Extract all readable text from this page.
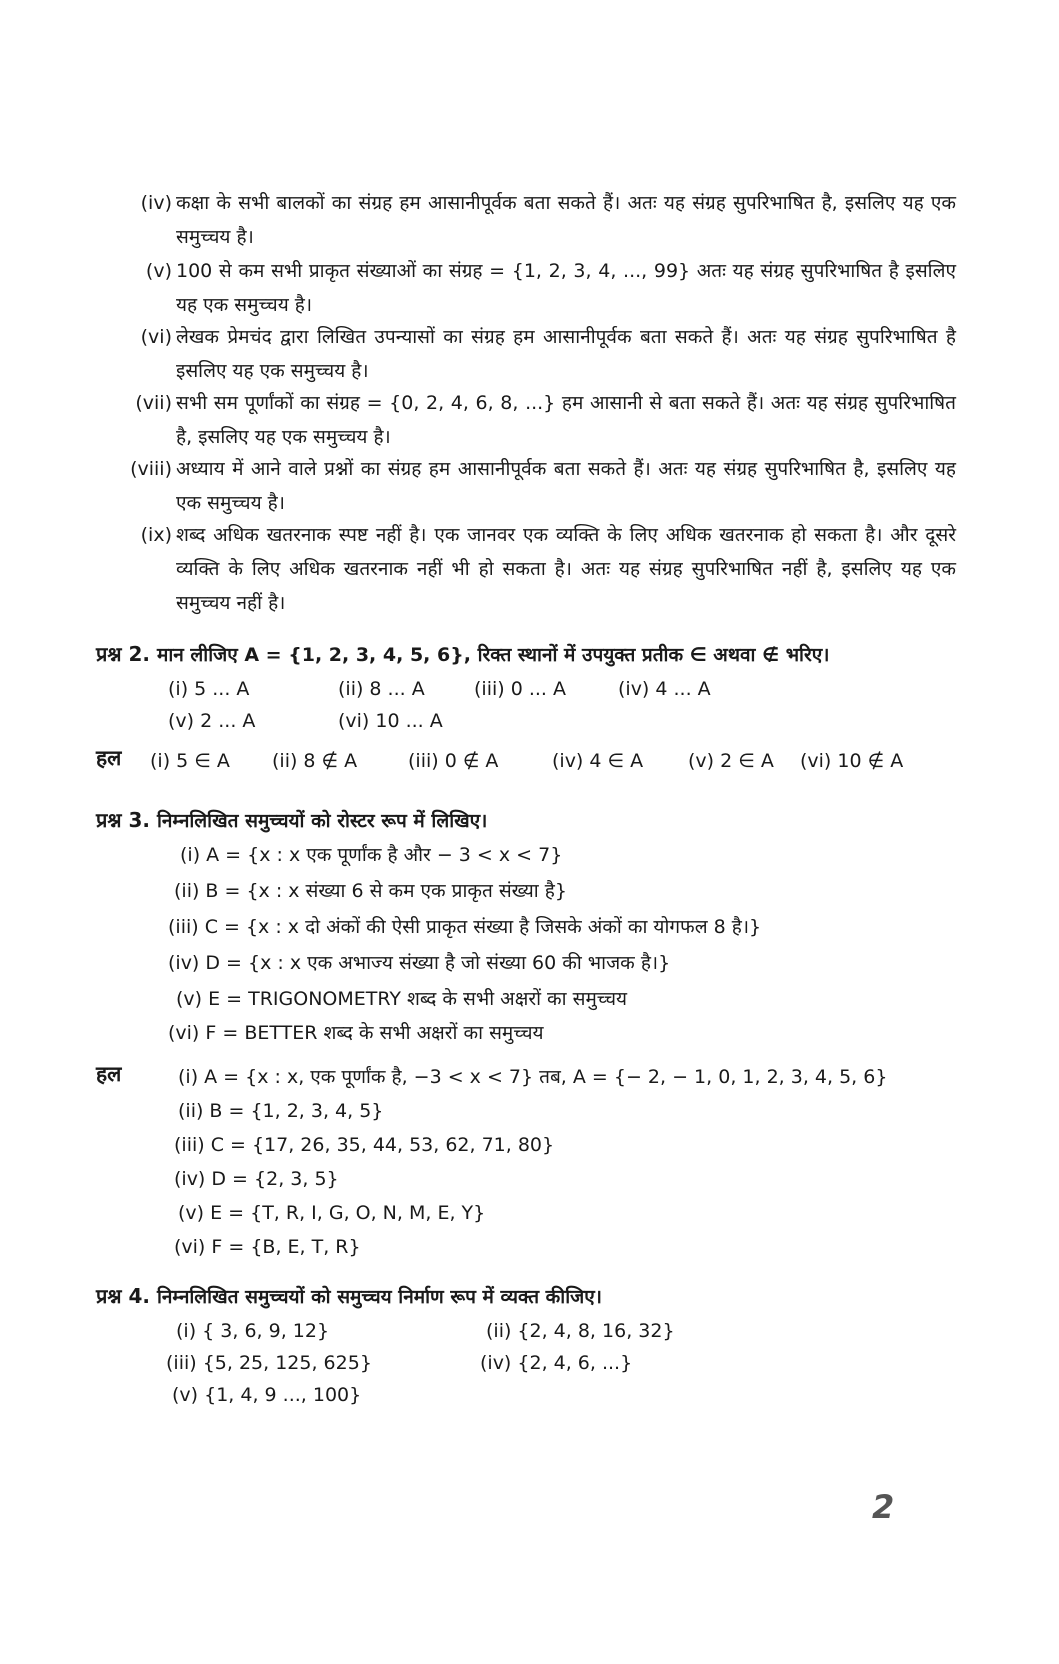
(iv) कक्षा के सभी बालकों का संग्रह हम आसानीपूर्वक बता सकते हैं। अतः यह संग्रह सुपरिभाषित है, इसलिए यह एक समुच्चय है।
(v) 100 से कम सभी प्राकृत संख्याओं का संग्रह = {1, 2, 3, 4, ..., 99} अतः यह संग्रह सुपरिभाषित है इसलिए यह एक समुच्चय है।
(vi) लेखक प्रेमचंद द्वारा लिखित उपन्यासों का संग्रह हम आसानीपूर्वक बता सकते हैं। अतः यह संग्रह सुपरिभाषित है इसलिए यह एक समुच्चय है।
(vii) सभी सम पूर्णांकों का संग्रह = {0, 2, 4, 6, 8, ...} हम आसानी से बता सकते हैं। अतः यह संग्रह सुपरिभाषित है, इसलिए यह एक समुच्चय है।
(viii) अध्याय में आने वाले प्रश्नों का संग्रह हम आसानीपूर्वक बता सकते हैं। अतः यह संग्रह सुपरिभाषित है, इसलिए यह एक समुच्चय है।
(ix) शब्द अधिक खतरनाक स्पष्ट नहीं है। एक जानवर एक व्यक्ति के लिए अधिक खतरनाक हो सकता है। और दूसरे व्यक्ति के लिए अधिक खतरनाक नहीं भी हो सकता है। अतः यह संग्रह सुपरिभाषित नहीं है, इसलिए यह एक समुच्चय नहीं है।
प्रश्न 2. मान लीजिए A = {1, 2, 3, 4, 5, 6}, रिक्त स्थानों में उपयुक्त प्रतीक ∈ अथवा ∉ भरिए।
(i) 5 ... A	(ii) 8 ... A	(iii) 0 ... A	(iv) 4 ... A
(v) 2 ... A	(vi) 10 ... A
हल (i) 5 ∈ A (ii) 8 ∉ A	(iii) 0 ∉ A	(iv) 4 ∈ A (v) 2 ∈ A (vi) 10 ∉ A
प्रश्न 3. निम्नलिखित समुच्चयों को रोस्टर रूप में लिखिए।
(i) A = {x : x एक पूर्णांक है और − 3 < x < 7}
(ii) B = {x : x संख्या 6 से कम एक प्राकृत संख्या है}
(iii) C = {x : x दो अंकों की ऐसी प्राकृत संख्या है जिसके अंकों का योगफल 8 है।}
(iv) D = {x : x एक अभाज्य संख्या है जो संख्या 60 की भाजक है।}
(v) E = TRIGONOMETRY शब्द के सभी अक्षरों का समुच्चय
(vi) F = BETTER शब्द के सभी अक्षरों का समुच्चय
हल	(i) A = {x : x, एक पूर्णांक है, −3 < x < 7} तब, A = {− 2, − 1, 0, 1, 2, 3, 4, 5, 6}
(ii) B = {1, 2, 3, 4, 5}
(iii) C = {17, 26, 35, 44, 53, 62, 71, 80}
(iv) D = {2, 3, 5}
(v) E = {T, R, I, G, O, N, M, E, Y}
(vi) F = {B, E, T, R}
प्रश्न 4. निम्नलिखित समुच्चयों को समुच्चय निर्माण रूप में व्यक्त कीजिए।
(i) { 3, 6, 9, 12}	(ii) {2, 4, 8, 16, 32}
(iii) {5, 25, 125, 625}	(iv) {2, 4, 6, ...}
(v) {1, 4, 9 ..., 100}
2
